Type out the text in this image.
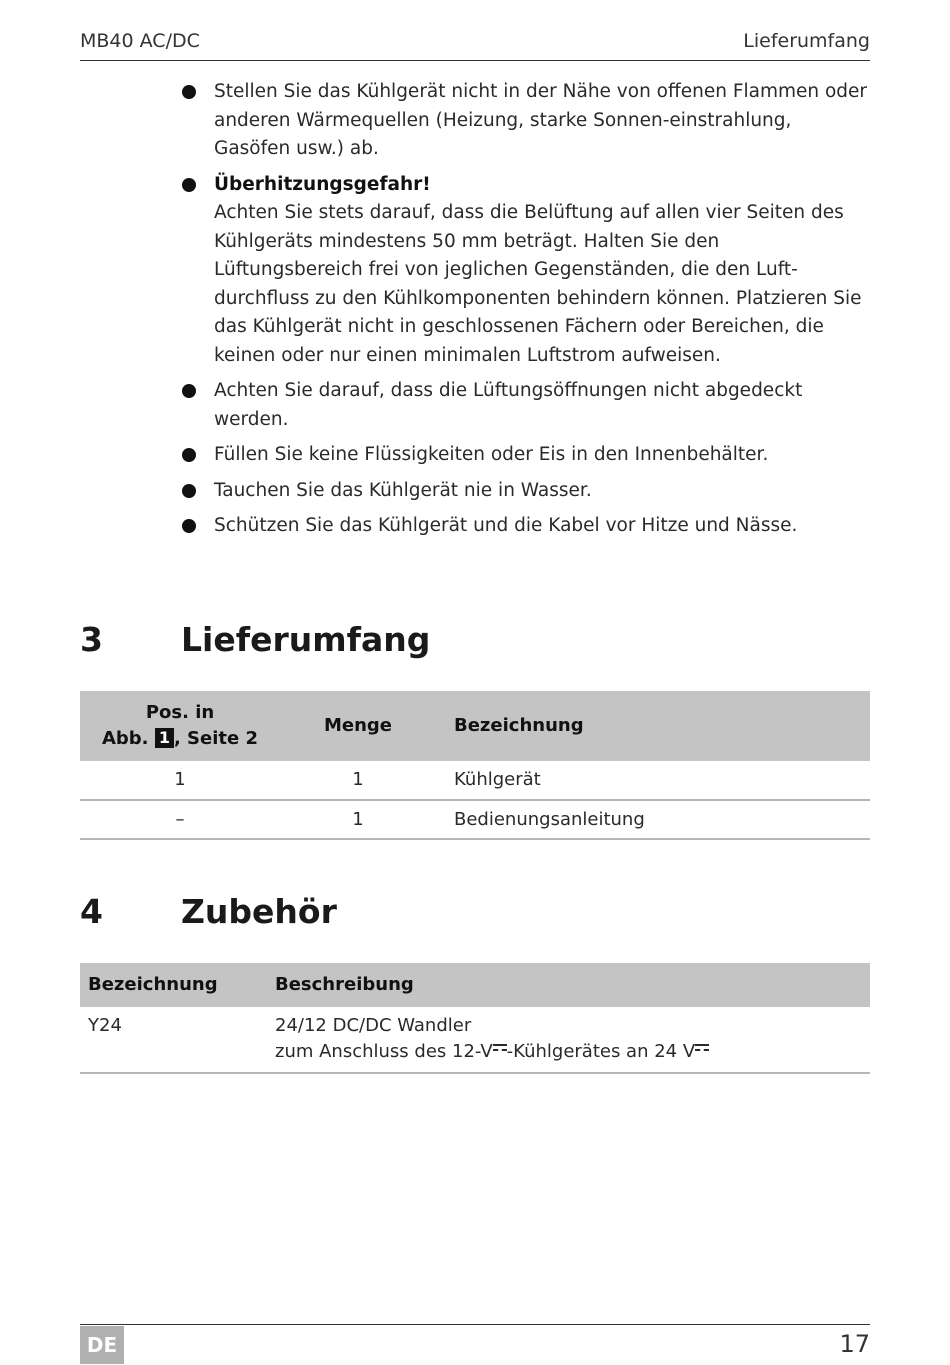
MB40 AC/DC	Lieferumfang
Stellen Sie das Kühlgerät nicht in der Nähe von offenen Flammen oder anderen Wärmequellen (Heizung, starke Sonnen-einstrahlung, Gasöfen usw.) ab.
Überhitzungsgefahr!
Achten Sie stets darauf, dass die Belüftung auf allen vier Seiten des Kühlgeräts mindestens 50 mm beträgt. Halten Sie den Lüftungsbereich frei von jeglichen Gegenständen, die den Luft-durchfluss zu den Kühlkomponenten behindern können. Platzieren Sie das Kühlgerät nicht in geschlossenen Fächern oder Bereichen, die keinen oder nur einen minimalen Luftstrom aufweisen.
Achten Sie darauf, dass die Lüftungsöffnungen nicht abgedeckt werden.
Füllen Sie keine Flüssigkeiten oder Eis in den Innenbehälter.
Tauchen Sie das Kühlgerät nie in Wasser.
Schützen Sie das Kühlgerät und die Kabel vor Hitze und Nässe.
3 Lieferumfang
Pos. in
Abb. 1 , Seite 2	Menge	Bezeichnung
1	1	Kühlgerät
–	1	Bedienungsanleitung
4 Zubehör
Bezeichnung	Beschreibung
Y24	24/12 DC/DC Wandler
zum Anschluss des 12-V -Kühlgerätes an 24 V
DE	17
